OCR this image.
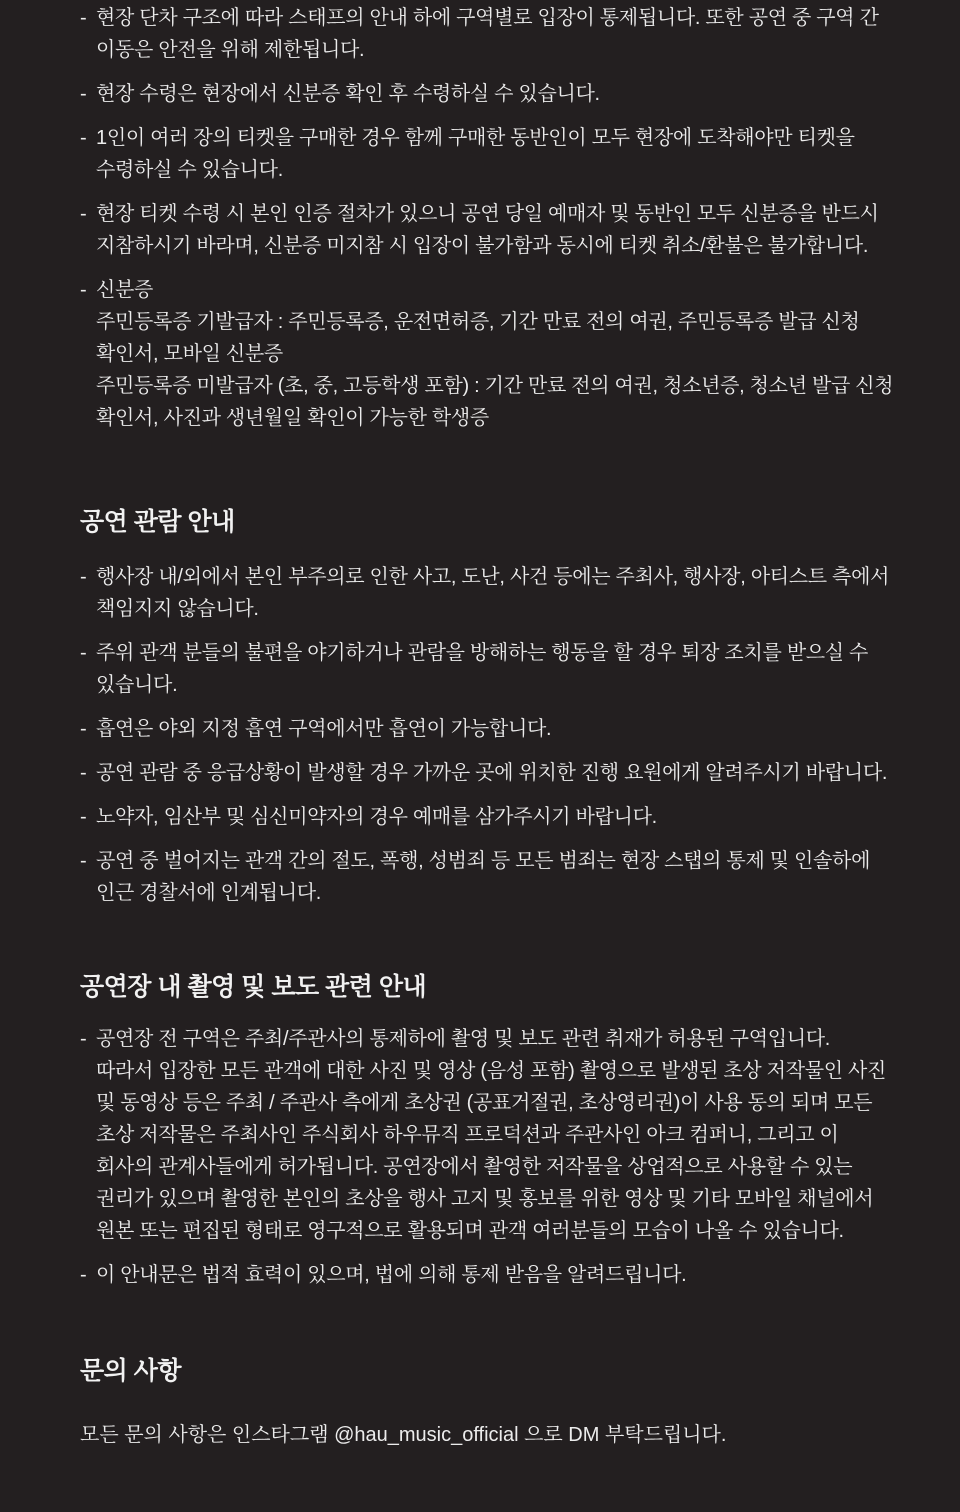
- 현장 단차 구조에 따라 스태프의 안내 하에 구역별로 입장이 통제됩니다. 또한 공연 중 구역 간
이동은 안전을 위해 제한됩니다.
- 현장 수령은 현장에서 신분증 확인 후 수령하실 수 있습니다.
- 1인이 여러 장의 티켓을 구매한 경우 함께 구매한 동반인이 모두 현장에 도착해야만 티켓을
수령하실 수 있습니다.
- 현장 티켓 수령 시 본인 인증 절차가 있으니 공연 당일 예매자 및 동반인 모두 신분증을 반드시
지참하시기 바라며, 신분증 미지참 시 입장이 불가함과 동시에 티켓 취소/환불은 불가합니다.
- 신분증
주민등록증 기발급자 : 주민등록증, 운전면허증, 기간 만료 전의 여권, 주민등록증 발급 신청
확인서, 모바일 신분증
주민등록증 미발급자 (초, 중, 고등학생 포함) : 기간 만료 전의 여권, 청소년증, 청소년 발급 신청
확인서, 사진과 생년월일 확인이 가능한 학생증
공연 관람 안내
- 행사장 내/외에서 본인 부주의로 인한 사고, 도난, 사건 등에는 주최사, 행사장, 아티스트 측에서
책임지지 않습니다.
- 주위 관객 분들의 불편을 야기하거나 관람을 방해하는 행동을 할 경우 퇴장 조치를 받으실 수
있습니다.
- 흡연은 야외 지정 흡연 구역에서만 흡연이 가능합니다.
- 공연 관람 중 응급상황이 발생할 경우 가까운 곳에 위치한 진행 요원에게 알려주시기 바랍니다.
- 노약자, 임산부 및 심신미약자의 경우 예매를 삼가주시기 바랍니다.
- 공연 중 벌어지는 관객 간의 절도, 폭행, 성범죄 등 모든 범죄는 현장 스탭의 통제 및 인솔하에
인근 경찰서에 인계됩니다.
공연장 내 촬영 및 보도 관련 안내
- 공연장 전 구역은 주최/주관사의 통제하에 촬영 및 보도 관련 취재가 허용된 구역입니다.
따라서 입장한 모든 관객에 대한 사진 및 영상 (음성 포함) 촬영으로 발생된 초상 저작물인 사진
및 동영상 등은 주최 / 주관사 측에게 초상권 (공표거절권, 초상영리권)이 사용 동의 되며 모든
초상 저작물은 주최사인 주식회사 하우뮤직 프로덕션과 주관사인 아크 컴퍼니, 그리고 이
회사의 관계사들에게 허가됩니다. 공연장에서 촬영한 저작물을 상업적으로 사용할 수 있는
권리가 있으며 촬영한 본인의 초상을 행사 고지 및 홍보를 위한 영상 및 기타 모바일 채널에서
원본 또는 편집된 형태로 영구적으로 활용되며 관객 여러분들의 모습이 나올 수 있습니다.
- 이 안내문은 법적 효력이 있으며, 법에 의해 통제 받음을 알려드립니다.
문의 사항
모든 문의 사항은 인스타그램 @hau_music_official 으로 DM 부탁드립니다.
